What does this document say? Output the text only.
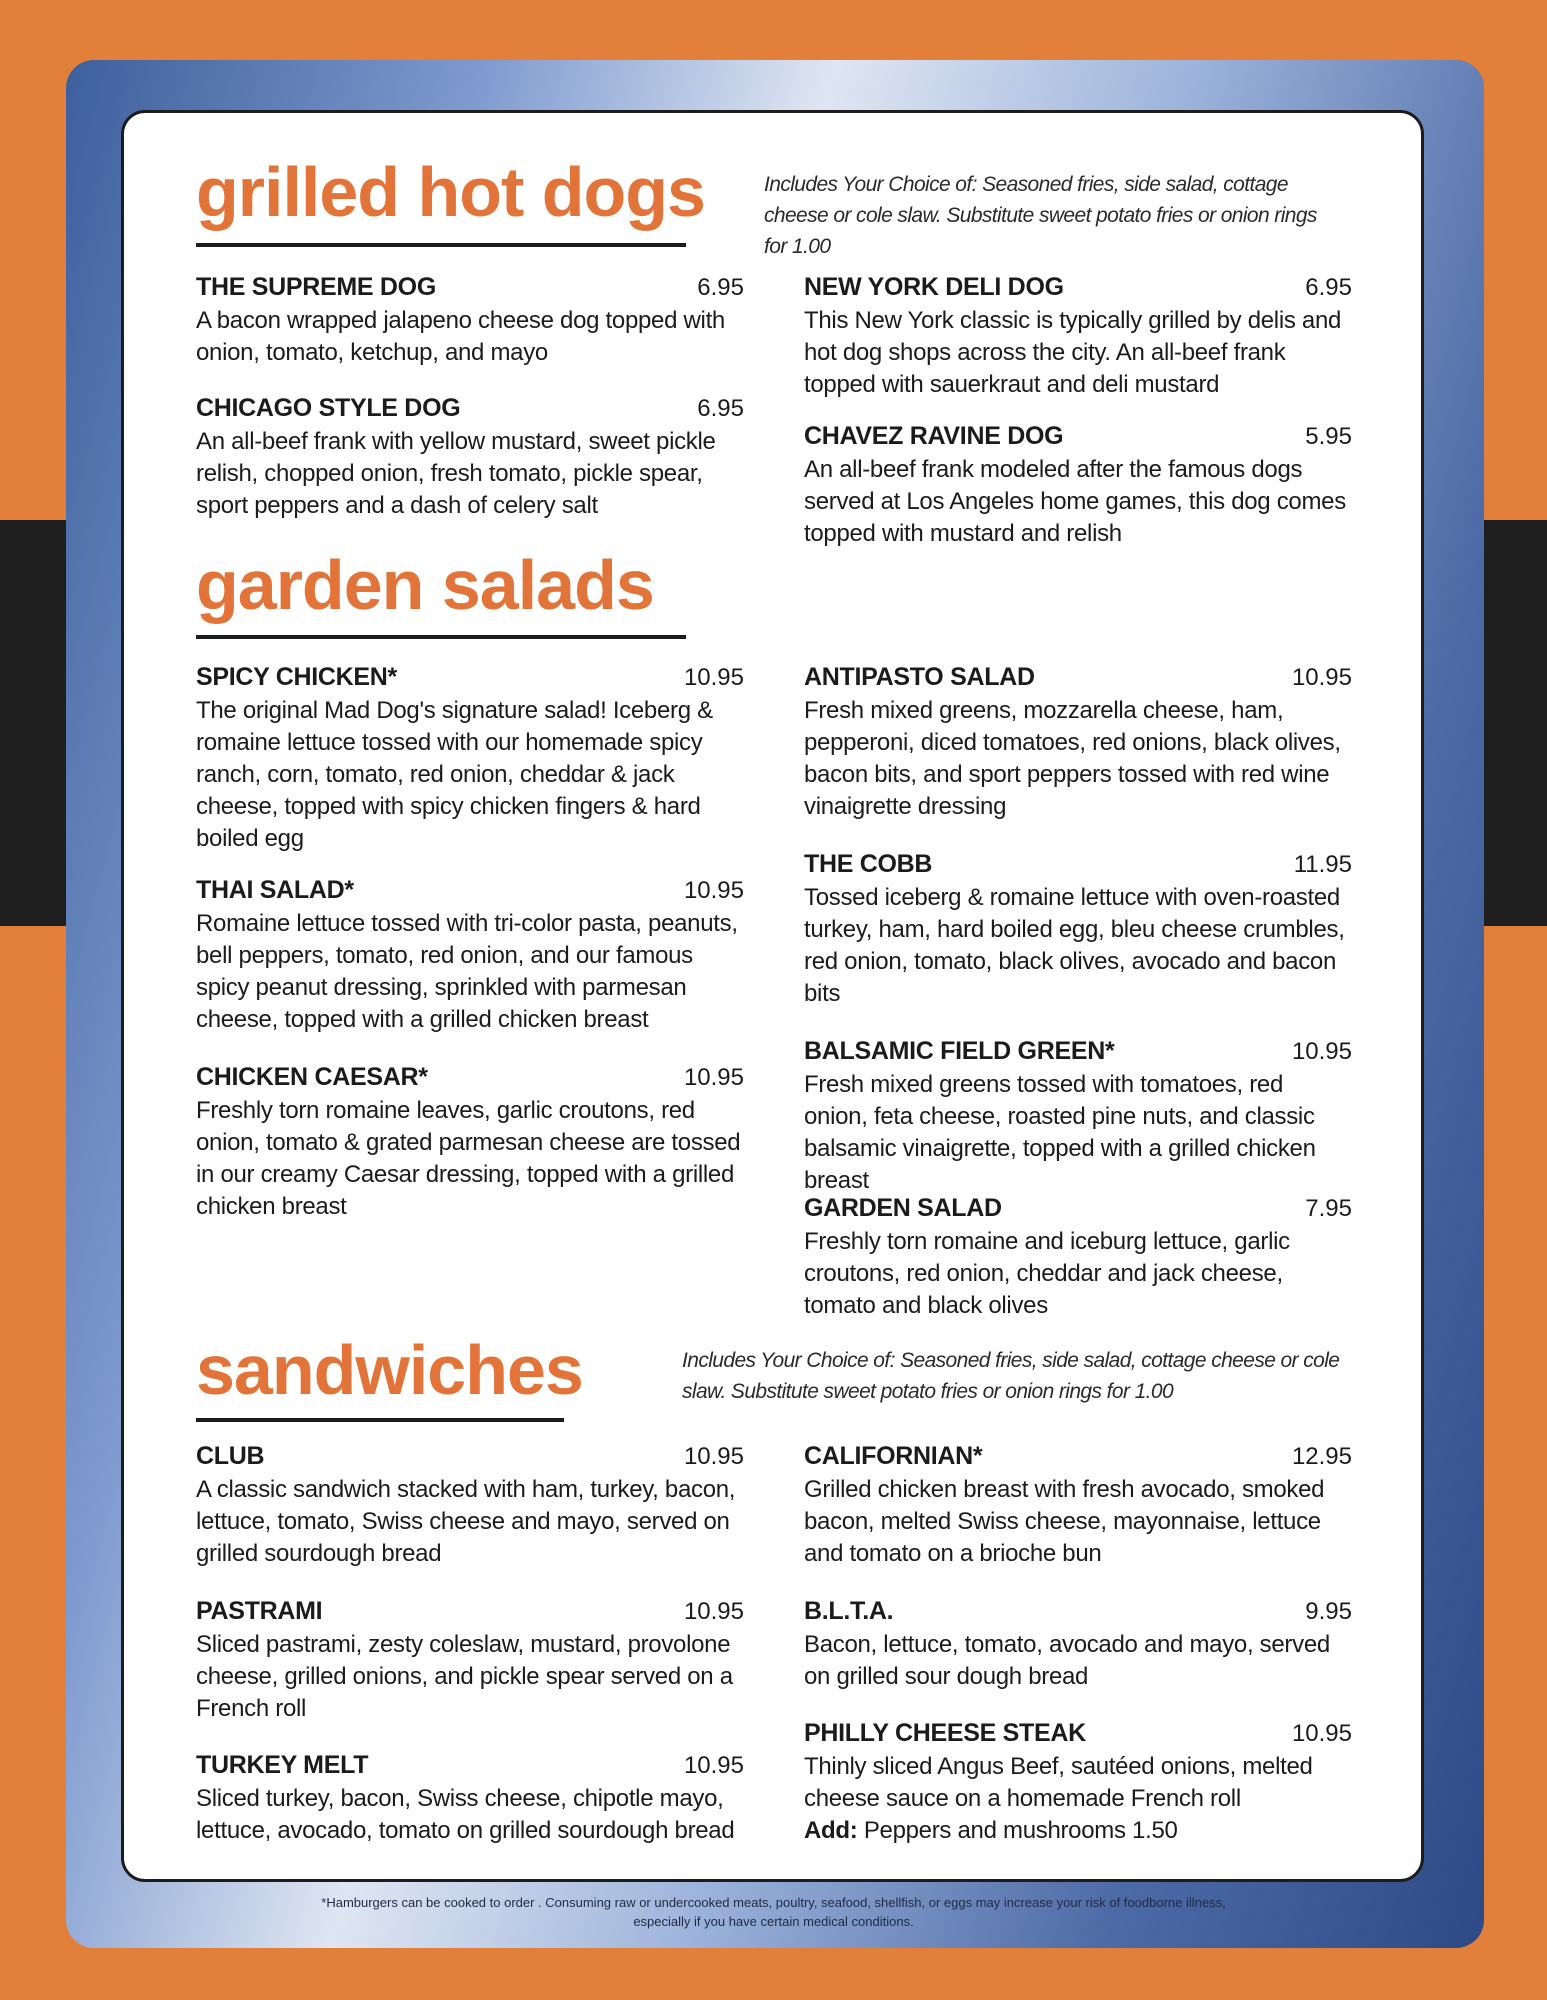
grilled hot dogs	Includes Your Choice of: Seasoned fries, side salad, cottage cheese or cole slaw. Substitute sweet potato fries or onion rings for 1.00
THE SUPREME DOG	6.95
A bacon wrapped jalapeno cheese dog topped with onion, tomato, ketchup, and mayo
CHICAGO STYLE DOG	6.95
An all-beef frank with yellow mustard, sweet pickle relish, chopped onion, fresh tomato, pickle spear, sport peppers and a dash of celery salt
NEW YORK DELI DOG	6.95
This New York classic is typically grilled by delis and hot dog shops across the city. An all-beef frank topped with sauerkraut and deli mustard
CHAVEZ RAVINE DOG	5.95
An all-beef frank modeled after the famous dogs served at Los Angeles home games, this dog comes topped with mustard and relish
garden salads
SPICY CHICKEN*	10.95
The original Mad Dog's signature salad! Iceberg & romaine lettuce tossed with our homemade spicy ranch, corn, tomato, red onion, cheddar & jack cheese, topped with spicy chicken fingers & hard boiled egg
THAI SALAD*	10.95
Romaine lettuce tossed with tri-color pasta, peanuts, bell peppers, tomato, red onion, and our famous spicy peanut dressing, sprinkled with parmesan cheese, topped with a grilled chicken breast
CHICKEN CAESAR*	10.95
Freshly torn romaine leaves, garlic croutons, red onion, tomato & grated parmesan cheese are tossed in our creamy Caesar dressing, topped with a grilled chicken breast
ANTIPASTO SALAD	10.95
Fresh mixed greens, mozzarella cheese, ham, pepperoni, diced tomatoes, red onions, black olives, bacon bits, and sport peppers tossed with red wine vinaigrette dressing
THE COBB	11.95
Tossed iceberg & romaine lettuce with oven-roasted turkey, ham, hard boiled egg, bleu cheese crumbles, red onion, tomato, black olives, avocado and bacon bits
BALSAMIC FIELD GREEN*	10.95
Fresh mixed greens tossed with tomatoes, red onion, feta cheese, roasted pine nuts, and classic balsamic vinaigrette, topped with a grilled chicken breast
GARDEN SALAD	7.95
Freshly torn romaine and iceburg lettuce, garlic croutons, red onion, cheddar and jack cheese, tomato and black olives
sandwiches	Includes Your Choice of: Seasoned fries, side salad, cottage cheese or cole slaw. Substitute sweet potato fries or onion rings for 1.00
CLUB	10.95
A classic sandwich stacked with ham, turkey, bacon, lettuce, tomato, Swiss cheese and mayo, served on grilled sourdough bread
PASTRAMI	10.95
Sliced pastrami, zesty coleslaw, mustard, provolone cheese, grilled onions, and pickle spear served on a French roll
TURKEY MELT	10.95
Sliced turkey, bacon, Swiss cheese, chipotle mayo, lettuce, avocado, tomato on grilled sourdough bread
CALIFORNIAN*	12.95
Grilled chicken breast with fresh avocado, smoked bacon, melted Swiss cheese, mayonnaise, lettuce and tomato on a brioche bun
B.L.T.A.	9.95
Bacon, lettuce, tomato, avocado and mayo, served on grilled sour dough bread
PHILLY CHEESE STEAK	10.95
Thinly sliced Angus Beef, sautéed onions, melted cheese sauce on a homemade French roll
Add: Peppers and mushrooms 1.50
*Hamburgers can be cooked to order . Consuming raw or undercooked meats, poultry, seafood, shellfish, or eggs may increase your risk of foodborne illness, especially if you have certain medical conditions.
